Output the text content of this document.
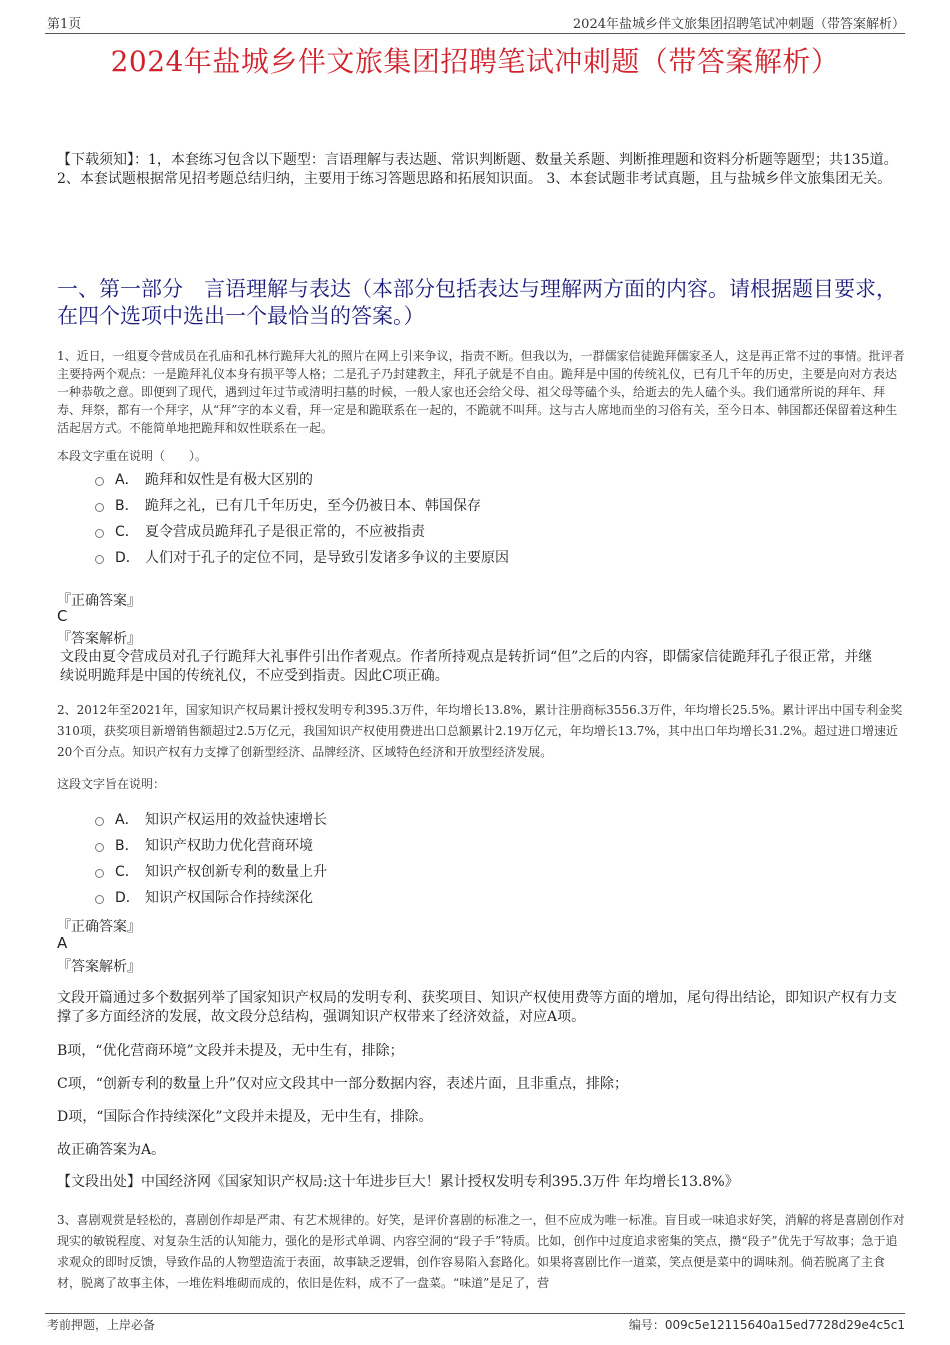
第1页	2024年盐城乡伴文旅集团招聘笔试冲刺题（带答案解析）
2024年盐城乡伴文旅集团招聘笔试冲刺题（带答案解析）
【下载须知】：1，本套练习包含以下题型：言语理解与表达题、常识判断题、数量关系题、判断推理题和资料分析题等题型；共135道。 2、本套试题根据常见招考题总结归纳，主要用于练习答题思路和拓展知识面。 3、本套试题非考试真题，且与盐城乡伴文旅集团无关。
一、第一部分　言语理解与表达（本部分包括表达与理解两方面的内容。请根据题目要求，在四个选项中选出一个最恰当的答案。）
1、近日，一组夏令营成员在孔庙和孔林行跪拜大礼的照片在网上引来争议，指责不断。但我以为，一群儒家信徒跪拜儒家圣人，这是再正常不过的事情。批评者主要持两个观点：一是跪拜礼仪本身有损平等人格；二是孔子乃封建教主，拜孔子就是不自由。跪拜是中国的传统礼仪，已有几千年的历史，主要是向对方表达一种恭敬之意。即便到了现代，遇到过年过节或清明扫墓的时候，一般人家也还会给父母、祖父母等磕个头，给逝去的先人磕个头。我们通常所说的拜年、拜寿、拜祭，都有一个拜字，从“拜”字的本义看，拜一定是和跪联系在一起的，不跪就不叫拜。这与古人席地而坐的习俗有关，至今日本、韩国都还保留着这种生活起居方式。不能简单地把跪拜和奴性联系在一起。
本段文字重在说明（　　）。
A． 跪拜和奴性是有极大区别的
B． 跪拜之礼，已有几千年历史，至今仍被日本、韩国保存
C． 夏令营成员跪拜孔子是很正常的，不应被指责
D． 人们对于孔子的定位不同，是导致引发诸多争议的主要原因
『正确答案』
C
『答案解析』
文段由夏令营成员对孔子行跪拜大礼事件引出作者观点。作者所持观点是转折词“但”之后的内容，即儒家信徒跪拜孔子很正常，并继续说明跪拜是中国的传统礼仪，不应受到指责。因此C项正确。
2、2012年至2021年，国家知识产权局累计授权发明专利395.3万件，年均增长13.8%，累计注册商标3556.3万件，年均增长25.5%。累计评出中国专利金奖310项，获奖项目新增销售额超过2.5万亿元，我国知识产权使用费进出口总额累计2.19万亿元，年均增长13.7%，其中出口年均增长31.2%。超过进口增速近20个百分点。知识产权有力支撑了创新型经济、品牌经济、区域特色经济和开放型经济发展。
这段文字旨在说明：
A． 知识产权运用的效益快速增长
B． 知识产权助力优化营商环境
C． 知识产权创新专利的数量上升
D． 知识产权国际合作持续深化
『正确答案』
A
『答案解析』
文段开篇通过多个数据列举了国家知识产权局的发明专利、获奖项目、知识产权使用费等方面的增加，尾句得出结论，即知识产权有力支撑了多方面经济的发展，故文段分总结构，强调知识产权带来了经济效益，对应A项。
B项，“优化营商环境”文段并未提及，无中生有，排除；
C项，“创新专利的数量上升”仅对应文段其中一部分数据内容，表述片面，且非重点，排除；
D项，“国际合作持续深化”文段并未提及，无中生有，排除。
故正确答案为A。
【文段出处】中国经济网《国家知识产权局:这十年进步巨大！累计授权发明专利395.3万件 年均增长13.8%》
3、喜剧观赏是轻松的，喜剧创作却是严肃、有艺术规律的。好笑，是评价喜剧的标准之一，但不应成为唯一标准。盲目或一味追求好笑，消解的将是喜剧创作对现实的敏锐程度、对复杂生活的认知能力，强化的是形式单调、内容空洞的“段子手”特质。比如，创作中过度追求密集的笑点，攒“段子”优先于写故事；急于追求观众的即时反馈，导致作品的人物塑造流于表面，故事缺乏逻辑，创作容易陷入套路化。如果将喜剧比作一道菜，笑点便是菜中的调味剂。倘若脱离了主食材，脱离了故事主体，一堆佐料堆砌而成的，依旧是佐料，成不了一盘菜。“味道”是足了，营
考前押题，上岸必备	编号：009c5e12115640a15ed7728d29e4c5c1
